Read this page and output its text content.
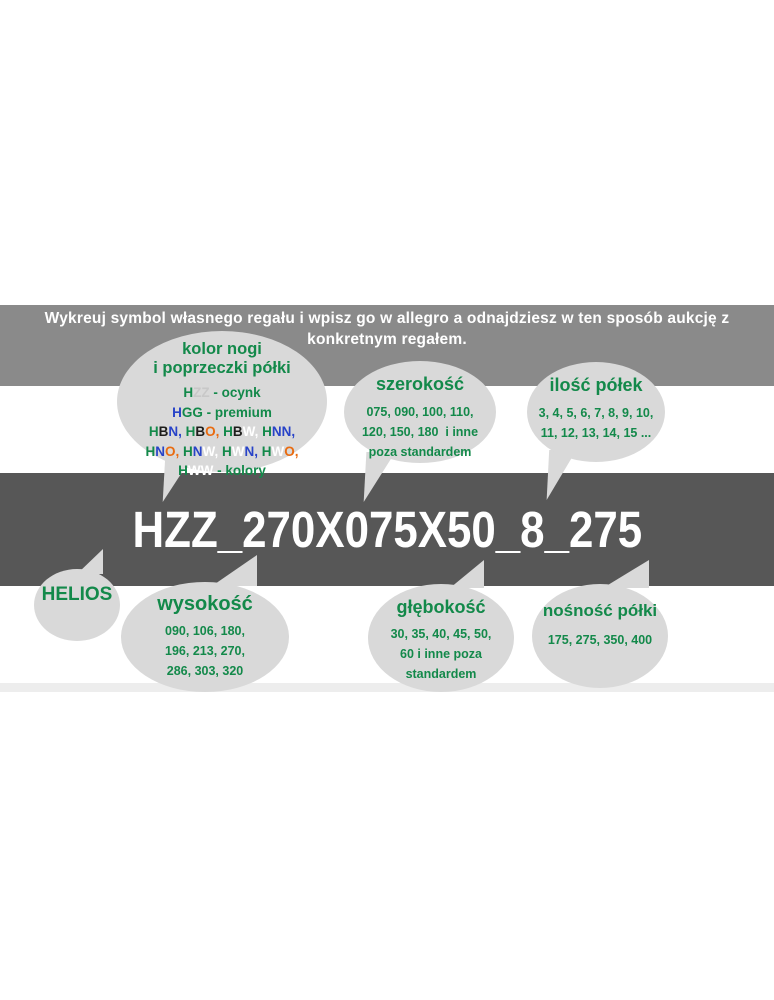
HZZ_270X075X50_8_275
Wykreuj symbol własnego regału i wpisz go w allegro a odnajdziesz w ten sposób aukcję z
konkretnym regałem.
kolor nogi
i poprzeczki półki
HZZ - ocynk
HGG - premium
HBN, HBO, HBW, HNN,
HNO, HNW, HWN, HWO,
HWW - kolory
szerokość
075, 090, 100, 110,
120, 150, 180  i inne
poza standardem
ilość półek
3, 4, 5, 6, 7, 8, 9, 10,
11, 12, 13, 14, 15 ...
HELIOS wysokość
090, 106, 180,
196, 213, 270,
286, 303, 320
głębokość
30, 35, 40, 45, 50,
60 i inne poza
standardem
nośność półki
175, 275, 350, 400
